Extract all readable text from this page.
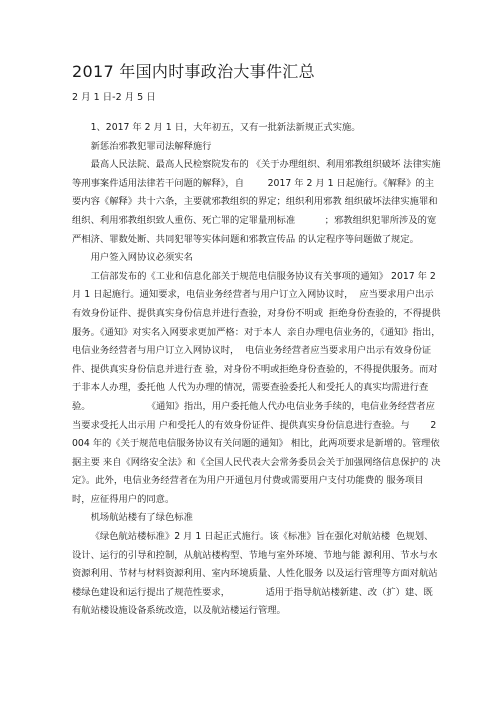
2017 年国内时事政治大事件汇总
2 月 1 日-2 月 5 日

1、2017 年 2 月 1 日，大年初五，又有一批新法新规正式实施。

新惩治邪教犯罪司法解释施行

最高人民法院、最高人民检察院发布的 《关于办理组织、利用邪教组织破坏 法律实施等刑事案件适用法律若干问题的解释》，自        2017 年 2 月 1 日起施行。《解释》的主要内容《解释》共十六条，主要就邪教组织的界定；组织利用邪教 组织破坏法律实施罪和组织、利用邪教组织致人重伤、死亡罪的定罪量刑标准          ；邪教组织犯罪所涉及的宽严相济、罪数处断、共同犯罪等实体问题和邪教宣传品 的认定程序等问题做了规定。

用户签入网协议必须实名

工信部发布的《工业和信息化部关于规范电信服务协议有关事项的通知》 2017 年 2 月 1 日起施行。通知要求，电信业务经营者与用户订立入网协议时，  应当要求用户出示有效身份证件、提供真实身份信息并进行查验，对身份不明或  拒绝身份查验的，不得提供服务。《通知》对实名入网要求更加严格：对于本人  亲自办理电信业务的，《通知》指出，电信业务经营者与用户订立入网协议时，  电信业务经营者应当要求用户出示有效身份证件、提供真实身份信息并进行查 验，对身份不明或拒绝身份查验的，不得提供服务。而对于非本人办理，委托他 人代为办理的情况，需要查验委托人和受托人的真实均需进行查验。                   《通知》指出，用户委托他人代办电信业务手续的，电信业务经营者应当要求受托人出示用 户和受托人的有效身份证件、提供真实身份信息进行查验。与       2004 年的《关于规范电信服务协议有关问题的通知》 相比，此两项要求是新增的。管理依据主要 来自《网络安全法》和《全国人民代表大会常务委员会关于加强网络信息保护的 决定》。此外，电信业务经营者在为用户开通包月付费或需要用户支付功能费的 服务项目时，应征得用户的同意。

机场航站楼有了绿色标准

《绿色航站楼标准》2 月 1 日起正式施行。该《标准》旨在强化对航站楼  色规划、设计、运行的引导和控制，从航站楼构型、节地与室外环境、节地与能 源利用、节水与水资源利用、节材与材料资源利用、室内环境质量、人性化服务 以及运行管理等方面对航站楼绿色建设和运行提出了规范性要求，            适用于指导航站楼新建、改（扩）建、既有航站楼设施设备系统改造，以及航站楼运行管理。
